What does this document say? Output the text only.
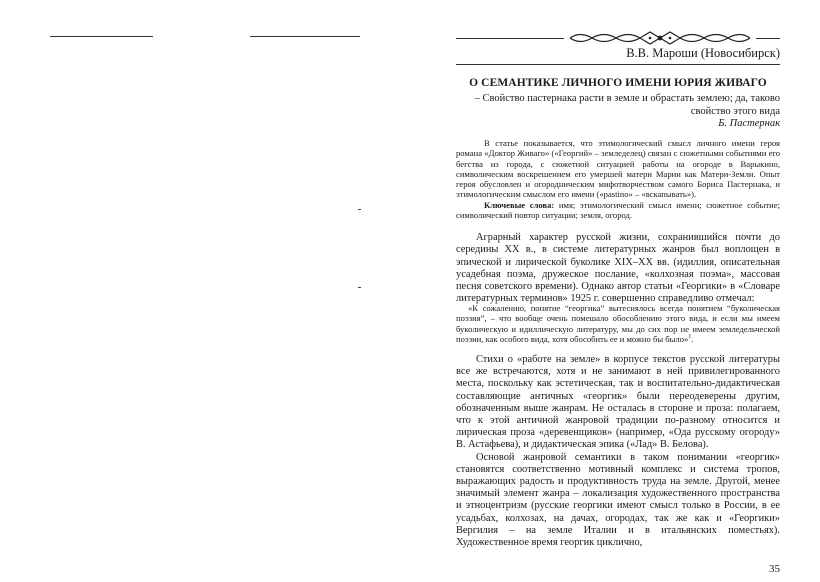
В.В. Мароши (Новосибирск)
О СЕМАНТИКЕ ЛИЧНОГО ИМЕНИ ЮРИЯ ЖИВАГО
– Свойство пастернака расти в земле и обрастать землею; да, таково
свойство этого вида
Б. Пастернак

В статье показывается, что этимологический смысл личного имени героя романа «Доктор Живаго» («Георгий» – земледелец) связан с сюжетными событиями его бегства из города, с сюжетной ситуацией работы на огороде в Варыкино, символическим воскрешением его умершей матери Марии как Матери-Земли. Опыт героя обусловлен и огородническим мифотворчеством самого Бориса Пастернака, и этимологическим смыслом его имени («pastino» – «вскапывать»).

Ключевые слова: имя; этимологический смысл имени; сюжетное событие; символический повтор ситуации; земля, огород.

Аграрный характер русской жизни, сохранившийся почти до середины XX в., в системе литературных жанров был воплощен в эпической и лирической буколике XIX–XX вв. (идиллия, описательная усадебная поэма, дружеское послание, «колхозная поэма», массовая песня советского времени). Однако автор статьи «Георгики» в «Словаре литературных терминов» 1925 г. совершенно справедливо отмечал:

«К сожалению, понятие “георгика” вытеснялось всегда понятием “буколическая поэзия”, – что вообще очень помешало обособлению этого вида, и если мы имеем буколическую и идиллическую литературу, мы до сих пор не имеем земледельческой поэзии, как особого вида, хотя обособить ее и можно бы было»$^1$.

Стихи о «работе на земле» в корпусе текстов русской литературы все же встречаются, хотя и не занимают в ней привилегированного места, поскольку как эстетическая, так и воспитательно-дидактическая составляющие античных «георгик» были переодеверены другим, обозначенным выше жанрам. Не осталась в стороне и проза: полагаем, что к этой античной жанровой традиции по-разному относится и лирическая проза «деревенщиков» (например, «Ода русскому огороду» В. Астафьева), и дидактическая эпика («Лад» В. Белова).

Основой жанровой семантики в таком понимании «георгик» становятся соответственно мотивный комплекс и система тропов, выражающих радость и продуктивность труда на земле. Другой, менее значимый элемент жанра – локализация художественного пространства и этноцентризм (русские георгики имеют смысл только в России, в ее усадьбах, колхозах, на дачах, огородах, так же как и «Георгики» Вергилия – на земле Италии и в итальянских поместьях). Художественное время георгик циклично,

35
